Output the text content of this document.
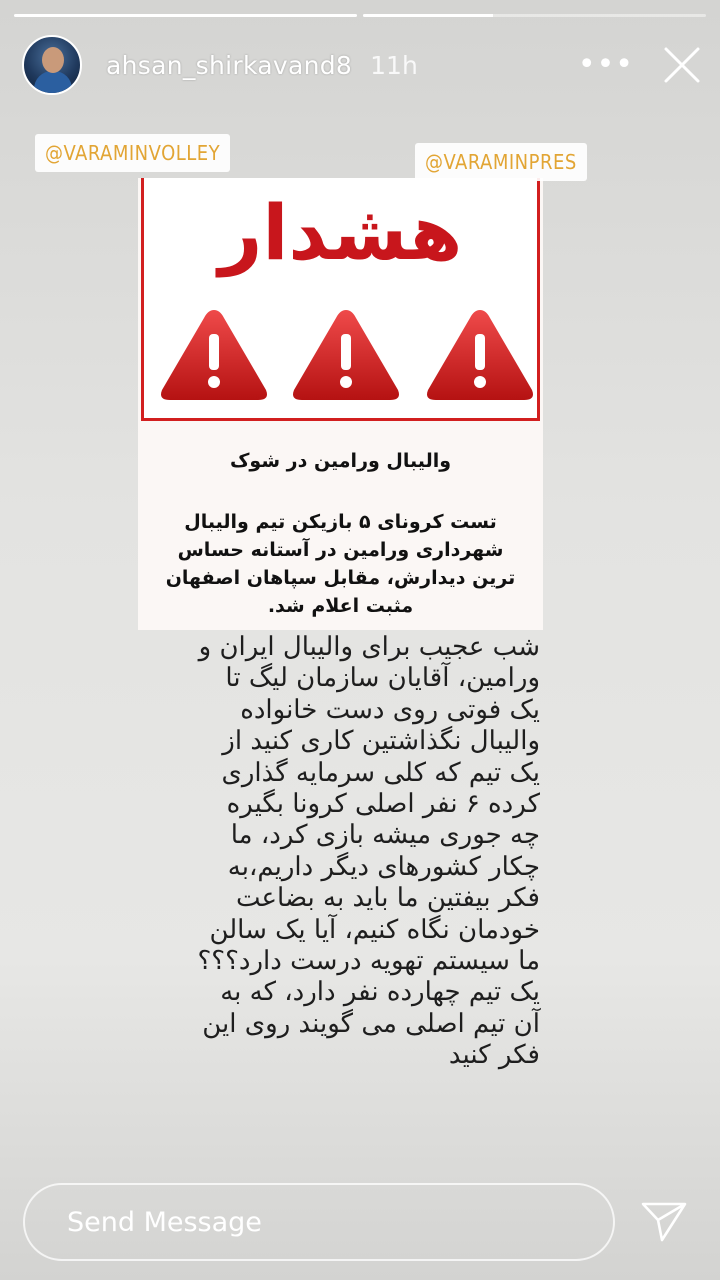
ahsan_shirkavand8 11h	•••
@VARAMINVOLLEY
هشدار
والیبال ورامین در شوک
تست کرونای ۵ بازیکن تیم والیبال شهرداری ورامین در آستانه حساس ترین دیدارش، مقابل سپاهان اصفهان مثبت اعلام شد.
@VARAMINPRES
شب عجیب برای والیبال ایران و
ورامین، آقایان سازمان لیگ تا
یک فوتی روی دست خانواده
والیبال نگذاشتین کاری کنید از
یک تیم که کلی سرمایه گذاری
کرده ۶ نفر اصلی کرونا بگیره
چه جوری میشه بازی کرد، ما
چکار کشورهای دیگر داریم،به
فکر بیفتین ما باید به بضاعت
خودمان نگاه کنیم، آیا یک سالن
ما سیستم تهویه درست دارد؟؟؟
یک تیم چهارده نفر دارد، که به
آن تیم اصلی می گویند روی این
فکر کنید
Send Message
